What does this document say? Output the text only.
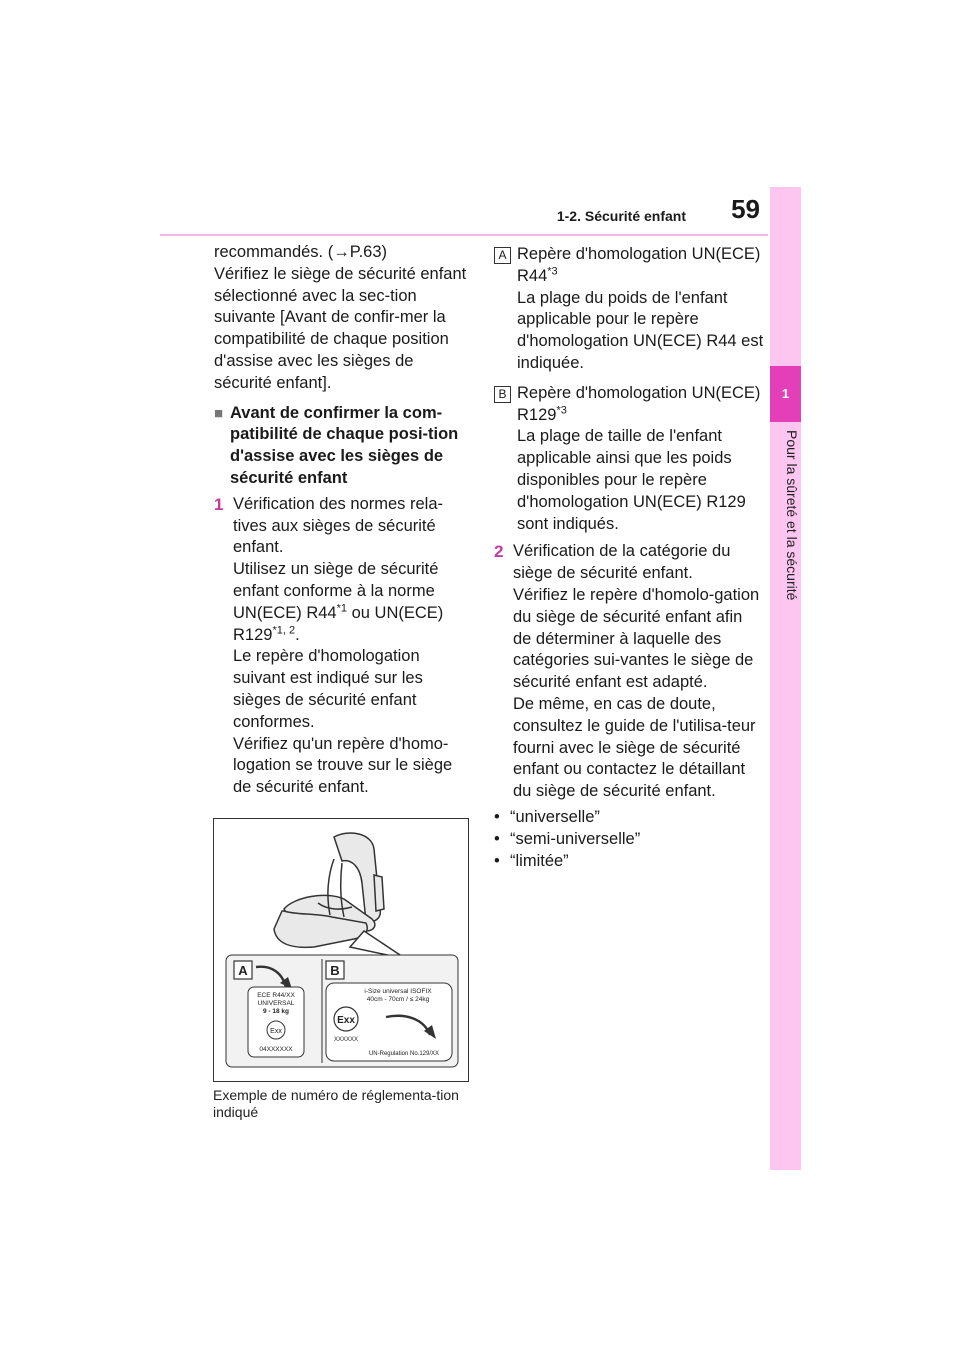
1-2. Sécurité enfant 59
1
Pour la sûreté et la sécurité

recommandés. (→P.63)

Vérifiez le siège de sécurité enfant sélectionné avec la sec-tion suivante [Avant de confir-mer la compatibilité de chaque position d'assise avec les sièges de sécurité enfant].

■ Avant de confirmer la com-patibilité de chaque posi-tion d'assise avec les sièges de sécurité enfant
1 Vérification des normes rela-tives aux sièges de sécurité enfant.

Utilisez un siège de sécurité enfant conforme à la norme UN(ECE) R44$^{*1}$ ou UN(ECE) R129$^{*1, 2}$.

Le repère d'homologation suivant est indiqué sur les sièges de sécurité enfant conformes.

Vérifiez qu'un repère d'homo-logation se trouve sur le siège de sécurité enfant.

A	B
ECE R44/XX
UNIVERSAL
9 - 18 kg
Exx
04XXXXXX
i-Size universal ISOFIX
40cm - 70cm / ≤ 24kg
Exx
XXXXXX
UN-Regulation No.129/XX
Exemple de numéro de réglementa-tion indiqué
A Repère d'homologation UN(ECE) R44$^{*3}$

La plage du poids de l'enfant applicable pour le repère d'homologation UN(ECE) R44 est indiquée.

B Repère d'homologation UN(ECE) R129$^{*3}$

La plage de taille de l'enfant applicable ainsi que les poids disponibles pour le repère d'homologation UN(ECE) R129 sont indiqués.

2 Vérification de la catégorie du siège de sécurité enfant.

Vérifiez le repère d'homolo-gation du siège de sécurité enfant afin de déterminer à laquelle des catégories sui-vantes le siège de sécurité enfant est adapté.

De même, en cas de doute, consultez le guide de l'utilisa-teur fourni avec le siège de sécurité enfant ou contactez le détaillant du siège de sécurité enfant.

• “universelle”
• “semi-universelle”
• “limitée”
